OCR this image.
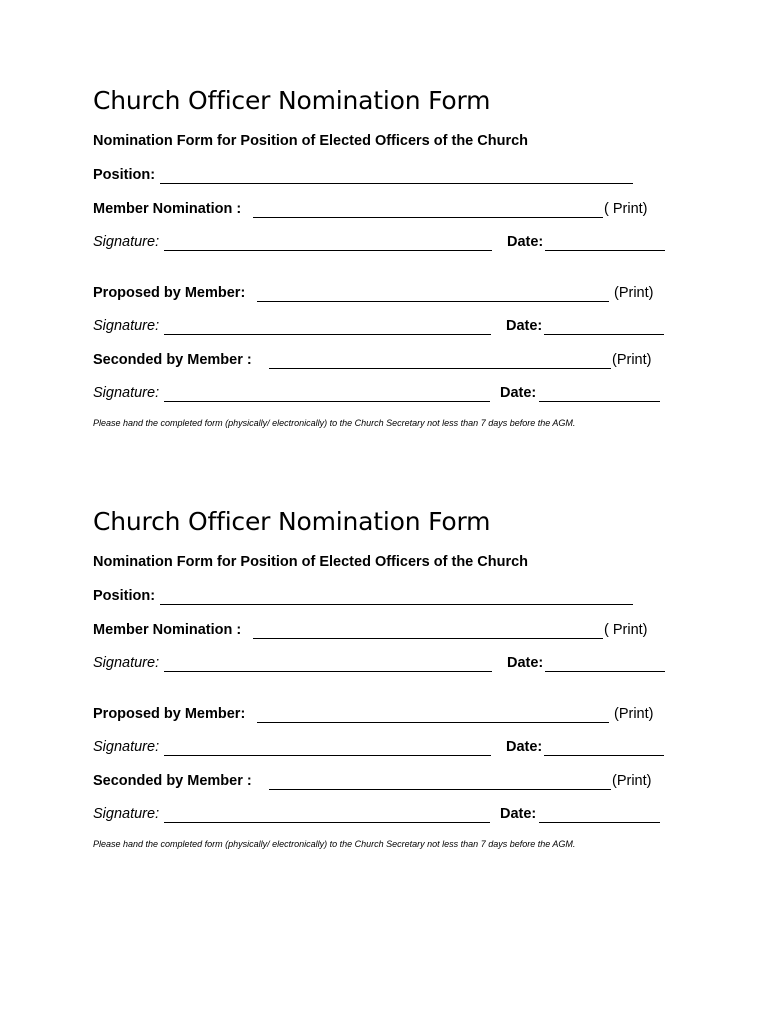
Church Officer Nomination Form
Nomination Form for Position of Elected Officers of the Church
Position:
Member Nomination :	( Print)
Signature:	Date:
Proposed by Member:	(Print)
Signature:	Date:
Seconded by Member :	(Print)
Signature:	Date:
Please hand the completed form (physically/ electronically) to the Church Secretary not less than 7 days before the AGM.
Church Officer Nomination Form
Nomination Form for Position of Elected Officers of the Church
Position:
Member Nomination :	( Print)
Signature:	Date:
Proposed by Member:	(Print)
Signature:	Date:
Seconded by Member :	(Print)
Signature:	Date:
Please hand the completed form (physically/ electronically) to the Church Secretary not less than 7 days before the AGM.
